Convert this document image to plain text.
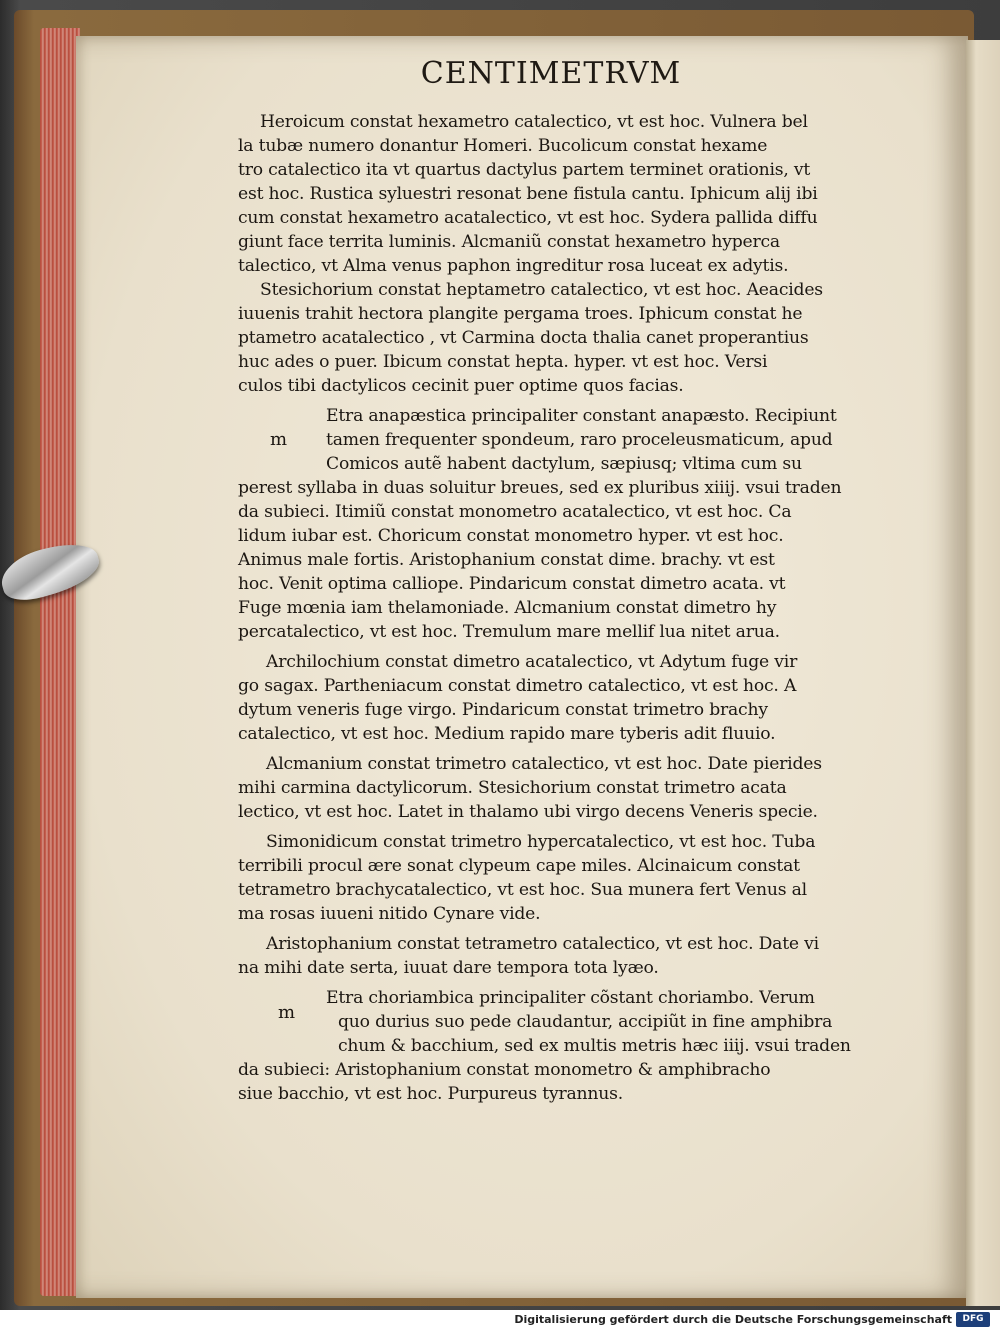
CENTIMETRVM
Heroicum constat hexametro catalectico, vt est hoc. Vulnera bel
la tubæ numero donantur Homeri. Bucolicum constat hexame
tro catalectico ita vt quartus dactylus partem terminet orationis, vt
est hoc. Rustica syluestri resonat bene fistula cantu. Iphicum alij ibi
cum constat hexametro acatalectico, vt est hoc. Sydera pallida diffu
giunt face territa luminis. Alcmaniũ constat hexametro hyperca
talectico, vt Alma venus paphon ingreditur rosa luceat ex adytis.
Stesichorium constat heptametro catalectico, vt est hoc. Aeacides
iuuenis trahit hectora plangite pergama troes. Iphicum constat he
ptametro acatalectico , vt Carmina docta thalia canet properantius
huc ades o puer. Ibicum constat hepta. hyper. vt est hoc. Versi
culos tibi dactylicos cecinit puer optime quos facias.
Etra anapæstica principaliter constant anapæsto. Recipiunt
tamen frequenter spondeum, raro proceleusmaticum, apud
Comicos autẽ habent dactylum, sæpiusq; vltima cum su
perest syllaba in duas soluitur breues, sed ex pluribus xiiij. vsui traden
da subieci. Itimiũ constat monometro acatalectico, vt est hoc. Ca
lidum iubar est. Choricum constat monometro hyper. vt est hoc.
Animus male fortis. Aristophanium constat dime. brachy. vt est
hoc. Venit optima calliope. Pindaricum constat dimetro acata. vt
Fuge mœnia iam thelamoniade. Alcmanium constat dimetro hy
percatalectico, vt est hoc. Tremulum mare mellif lua nitet arua.
Archilochium constat dimetro acatalectico, vt Adytum fuge vir
go sagax. Partheniacum constat dimetro catalectico, vt est hoc. A
dytum veneris fuge virgo. Pindaricum constat trimetro brachy
catalectico, vt est hoc. Medium rapido mare tyberis adit fluuio.
Alcmanium constat trimetro catalectico, vt est hoc. Date pierides
mihi carmina dactylicorum. Stesichorium constat trimetro acata
lectico, vt est hoc. Latet in thalamo ubi virgo decens Veneris specie.
Simonidicum constat trimetro hypercatalectico, vt est hoc. Tuba
terribili procul ære sonat clypeum cape miles. Alcinaicum constat
tetrametro brachycatalectico, vt est hoc. Sua munera fert Venus al
ma rosas iuueni nitido Cynare vide.
Aristophanium constat tetrametro catalectico, vt est hoc. Date vi
na mihi date serta, iuuat dare tempora tota lyæo.
Etra choriambica principaliter cõstant choriambo. Verum
quo durius suo pede claudantur, accipiũt in fine amphibra
chum & bacchium, sed ex multis metris hæc iiij. vsui traden
da subieci: Aristophanium constat monometro & amphibracho
siue bacchio, vt est hoc. Purpureus tyrannus.
m
m
Digitalisierung gefördert durch die Deutsche Forschungsgemeinschaft	DFG
